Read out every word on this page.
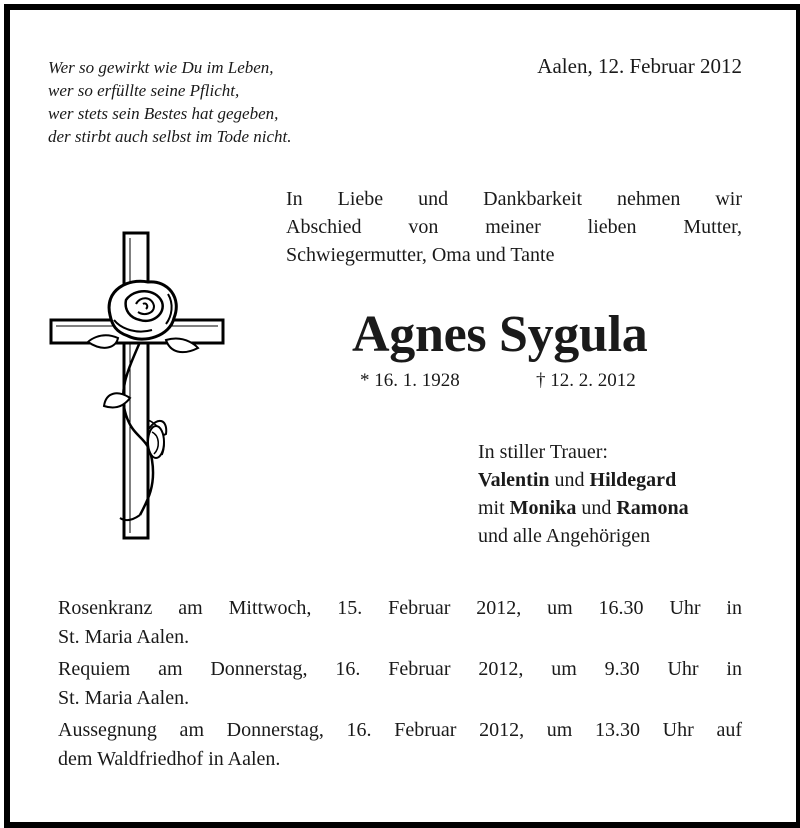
Wer so gewirkt wie Du im Leben,
wer so erfüllte seine Pflicht,
wer stets sein Bestes hat gegeben,
der stirbt auch selbst im Tode nicht.
Aalen, 12. Februar 2012
In Liebe und Dankbarkeit nehmen wir
Abschied von meiner lieben Mutter,
Schwiegermutter, Oma und Tante
Agnes Sygula
* 16. 1. 1928	† 12. 2. 2012
In stiller Trauer:
Valentin und Hildegard
mit Monika und Ramona
und alle Angehörigen
Rosenkranz am Mittwoch, 15. Februar 2012, um 16.30 Uhr in
St. Maria Aalen.
Requiem am Donnerstag, 16. Februar 2012, um 9.30 Uhr in
St. Maria Aalen.
Aussegnung am Donnerstag, 16. Februar 2012, um 13.30 Uhr auf
dem Waldfriedhof in Aalen.
